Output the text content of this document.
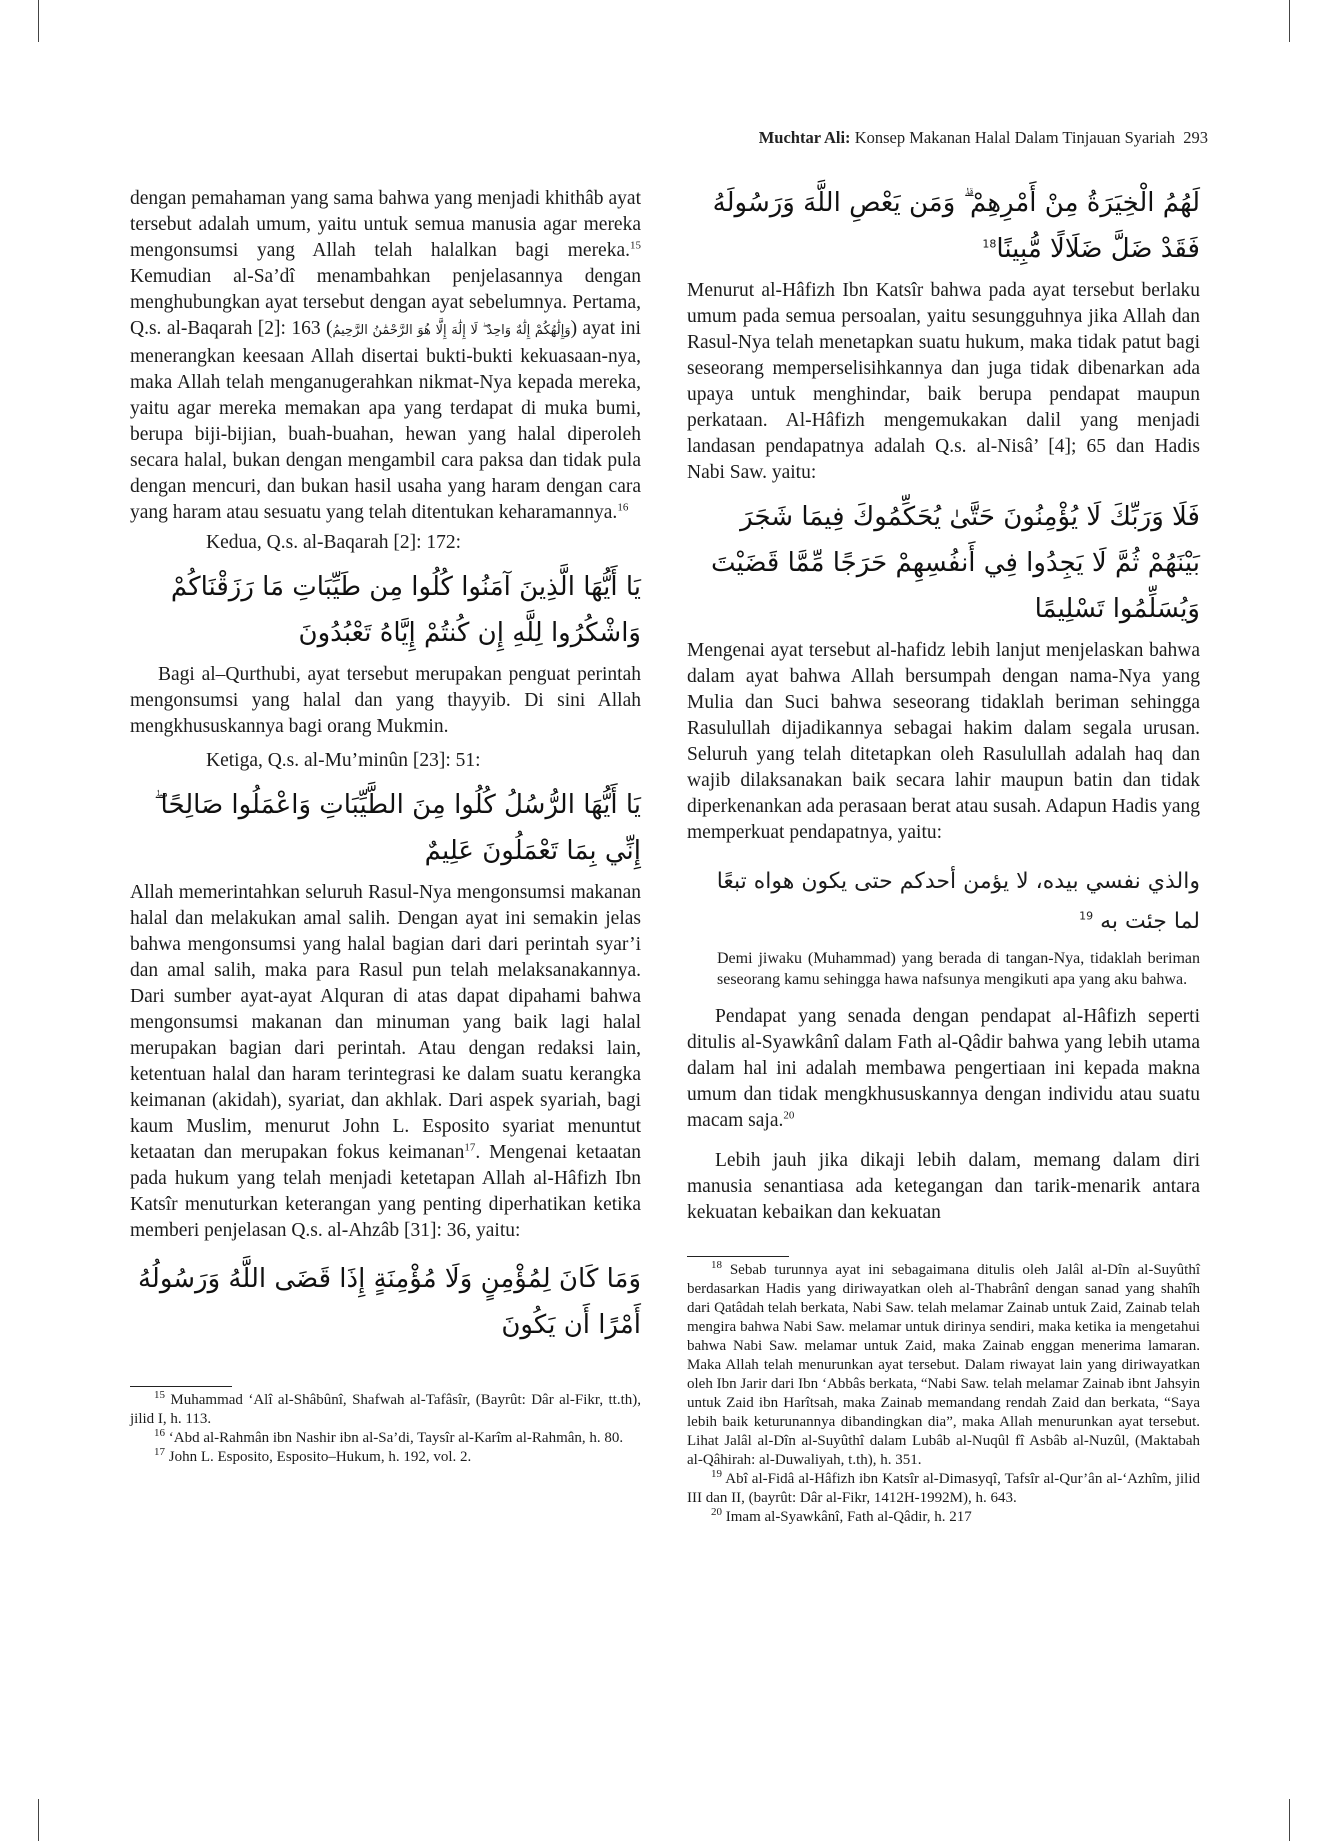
Muchtar Ali: Konsep Makanan Halal Dalam Tinjauan Syariah 293

dengan pemahaman yang sama bahwa yang menjadi khithâb ayat tersebut adalah umum, yaitu untuk semua manusia agar mereka mengonsumsi yang Allah telah halalkan bagi mereka.$^{15}$ Kemudian al-Sa’dî menambahkan penjelasannya dengan menghubungkan ayat tersebut dengan ayat sebelumnya. Pertama, Q.s. al-Baqarah [2]: 163 (وَإِلَٰهُكُمْ إِلَٰهٌ وَاحِدٌ ۖ لَا إِلَٰهَ إِلَّا هُوَ الرَّحْمَٰنُ الرَّحِيمُ) ayat ini menerangkan keesaan Allah disertai bukti-bukti kekuasaan-nya, maka Allah telah menganugerahkan nikmat-Nya kepada mereka, yaitu agar mereka memakan apa yang terdapat di muka bumi, berupa biji-bijian, buah-buahan, hewan yang halal diperoleh secara halal, bukan dengan mengambil cara paksa dan tidak pula dengan mencuri, dan bukan hasil usaha yang haram dengan cara yang haram atau sesuatu yang telah ditentukan keharamannya.$^{16}$

Kedua, Q.s. al-Baqarah [2]: 172:

يَا أَيُّهَا الَّذِينَ آمَنُوا كُلُوا مِن طَيِّبَاتِ مَا رَزَقْنَاكُمْ وَاشْكُرُوا لِلَّهِ إِن كُنتُمْ إِيَّاهُ تَعْبُدُونَ

Bagi al–Qurthubi, ayat tersebut merupakan penguat perintah mengonsumsi yang halal dan yang thayyib. Di sini Allah mengkhususkannya bagi orang Mukmin.

Ketiga, Q.s. al-Mu’minûn [23]: 51:

يَا أَيُّهَا الرُّسُلُ كُلُوا مِنَ الطَّيِّبَاتِ وَاعْمَلُوا صَالِحًا ۖ إِنِّي بِمَا تَعْمَلُونَ عَلِيمٌ

Allah memerintahkan seluruh Rasul-Nya mengonsumsi makanan halal dan melakukan amal salih. Dengan ayat ini semakin jelas bahwa mengonsumsi yang halal bagian dari dari perintah syar’i dan amal salih, maka para Rasul pun telah melaksanakannya. Dari sumber ayat-ayat Alquran di atas dapat dipahami bahwa mengonsumsi makanan dan minuman yang baik lagi halal merupakan bagian dari perintah. Atau dengan redaksi lain, ketentuan halal dan haram terintegrasi ke dalam suatu kerangka keimanan (akidah), syariat, dan akhlak. Dari aspek syariah, bagi kaum Muslim, menurut John L. Esposito syariat menuntut ketaatan dan merupakan fokus keimanan$^{17}$. Mengenai ketaatan pada hukum yang telah menjadi ketetapan Allah al-Hâfizh Ibn Katsîr menuturkan keterangan yang penting diperhatikan ketika memberi penjelasan Q.s. al-Ahzâb [31]: 36, yaitu:

وَمَا كَانَ لِمُؤْمِنٍ وَلَا مُؤْمِنَةٍ إِذَا قَضَى اللَّهُ وَرَسُولُهُ أَمْرًا أَن يَكُونَ

$^{15}$ Muhammad ‘Alî al-Shâbûnî, Shafwah al-Tafâsîr, (Bayrût: Dâr al-Fikr, tt.th), jilid I, h. 113.

$^{16}$ ‘Abd al-Rahmân ibn Nashir ibn al-Sa’di, Taysîr al-Karîm al-Rahmân, h. 80.

$^{17}$ John L. Esposito, Esposito–Hukum, h. 192, vol. 2.

لَهُمُ الْخِيَرَةُ مِنْ أَمْرِهِمْ ۗ وَمَن يَعْصِ اللَّهَ وَرَسُولَهُ فَقَدْ ضَلَّ ضَلَالًا مُّبِينًا$^{18}$

Menurut al-Hâfizh Ibn Katsîr bahwa pada ayat tersebut berlaku umum pada semua persoalan, yaitu sesungguhnya jika Allah dan Rasul-Nya telah menetapkan suatu hukum, maka tidak patut bagi seseorang memperselisihkannya dan juga tidak dibenarkan ada upaya untuk menghindar, baik berupa pendapat maupun perkataan. Al-Hâfizh mengemukakan dalil yang menjadi landasan pendapatnya adalah Q.s. al-Nisâ’ [4]; 65 dan Hadis Nabi Saw. yaitu:

فَلَا وَرَبِّكَ لَا يُؤْمِنُونَ حَتَّىٰ يُحَكِّمُوكَ فِيمَا شَجَرَ بَيْنَهُمْ ثُمَّ لَا يَجِدُوا فِي أَنفُسِهِمْ حَرَجًا مِّمَّا قَضَيْتَ وَيُسَلِّمُوا تَسْلِيمًا

Mengenai ayat tersebut al-hafidz lebih lanjut menjelaskan bahwa dalam ayat bahwa Allah bersumpah dengan nama-Nya yang Mulia dan Suci bahwa seseorang tidaklah beriman sehingga Rasulullah dijadikannya sebagai hakim dalam segala urusan. Seluruh yang telah ditetapkan oleh Rasulullah adalah haq dan wajib dilaksanakan baik secara lahir maupun batin dan tidak diperkenankan ada perasaan berat atau susah. Adapun Hadis yang memperkuat pendapatnya, yaitu:

والذي نفسي بيده، لا يؤمن أحدكم حتى يكون هواه تبعًا لما جئت به $^{19}$

Demi jiwaku (Muhammad) yang berada di tangan-Nya, tidaklah beriman seseorang kamu sehingga hawa nafsunya mengikuti apa yang aku bahwa.

Pendapat yang senada dengan pendapat al-Hâfizh seperti ditulis al-Syawkânî dalam Fath al-Qâdir bahwa yang lebih utama dalam hal ini adalah membawa pengertiaan ini kepada makna umum dan tidak mengkhususkannya dengan individu atau suatu macam saja.$^{20}$

Lebih jauh jika dikaji lebih dalam, memang dalam diri manusia senantiasa ada ketegangan dan tarik-menarik antara kekuatan kebaikan dan kekuatan

$^{18}$ Sebab turunnya ayat ini sebagaimana ditulis oleh Jalâl al-Dîn al-Suyûthî berdasarkan Hadis yang diriwayatkan oleh al-Thabrânî dengan sanad yang shahîh dari Qatâdah telah berkata, Nabi Saw. telah melamar Zainab untuk Zaid, Zainab telah mengira bahwa Nabi Saw. melamar untuk dirinya sendiri, maka ketika ia mengetahui bahwa Nabi Saw. melamar untuk Zaid, maka Zainab enggan menerima lamaran. Maka Allah telah menurunkan ayat tersebut. Dalam riwayat lain yang diriwayatkan oleh Ibn Jarir dari Ibn ‘Abbâs berkata, “Nabi Saw. telah melamar Zainab ibnt Jahsyin untuk Zaid ibn Harîtsah, maka Zainab memandang rendah Zaid dan berkata, “Saya lebih baik keturunannya dibandingkan dia”, maka Allah menurunkan ayat tersebut. Lihat Jalâl al-Dîn al-Suyûthî dalam Lubâb al-Nuqûl fî Asbâb al-Nuzûl, (Maktabah al-Qâhirah: al-Duwaliyah, t.th), h. 351.

$^{19}$ Abî al-Fidâ al-Hâfizh ibn Katsîr al-Dimasyqî, Tafsîr al-Qur’ân al-‘Azhîm, jilid III dan II, (bayrût: Dâr al-Fikr, 1412H-1992M), h. 643.

$^{20}$ Imam al-Syawkânî, Fath al-Qâdir, h. 217
